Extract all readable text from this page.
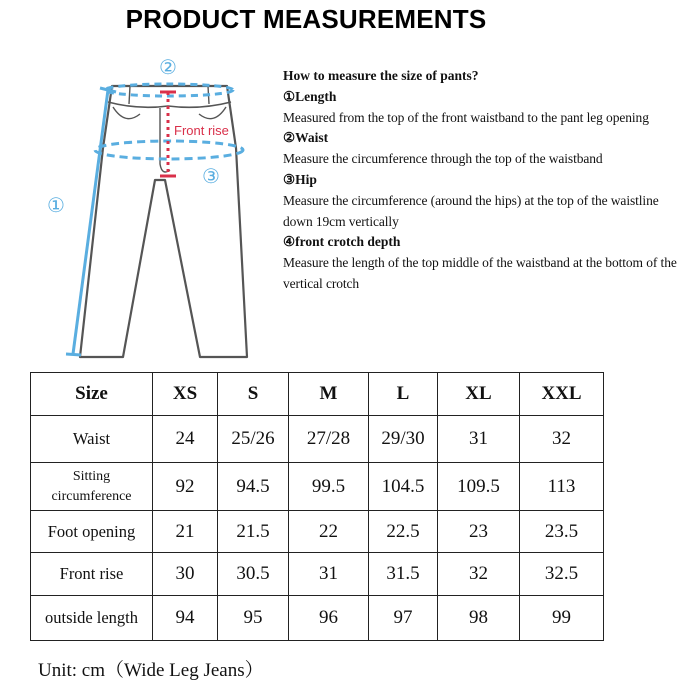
PRODUCT MEASUREMENTS
②
③
①
Front rise
How to measure the size of pants?
①Length
Measured from the top of the front waistband to the pant leg opening
②Waist
Measure the circumference through the top of the waistband
③Hip
Measure the circumference (around the hips) at the top of the waistline down 19cm vertically
④front crotch depth
Measure the length of the top middle of the waistband at the bottom of the vertical crotch
Size	XS	S	M	L	XL	XXL
Waist	24	25/26	27/28	29/30	31	32

Sitting
circumference	92	94.5	99.5	104.5	109.5	113
Foot opening	21	21.5	22	22.5	23	23.5
Front rise	30	30.5	31	31.5	32	32.5
outside length	94	95	96	97	98	99
Unit: cm（Wide Leg Jeans）
